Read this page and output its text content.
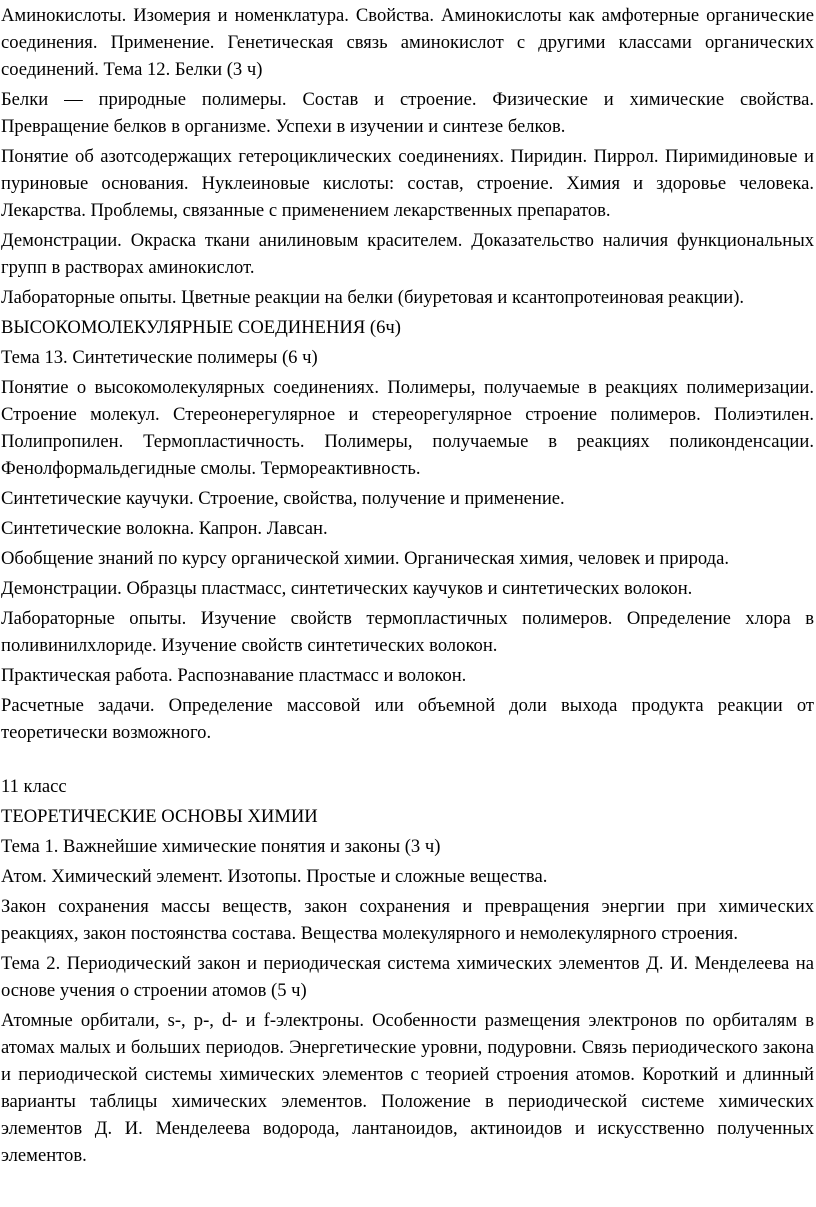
Аминокислоты. Изомерия и номенклатура. Свойства. Аминокислоты как амфотерные органические соединения. Применение. Генетическая связь аминокислот с другими классами органических соединений. Тема 12. Белки (3 ч)

Белки — природные полимеры. Состав и строение. Физические и химические свойства. Превращение белков в организме. Успехи в изучении и синтезе белков.

Понятие об азотсодержащих гетероциклических соединениях. Пиридин. Пиррол. Пиримидиновые и пуриновые основания. Нуклеиновые кислоты: состав, строение. Химия и здоровье человека. Лекарства. Проблемы, связанные с применением лекарственных препаратов.

Демонстрации. Окраска ткани анилиновым красителем. Доказательство наличия функциональных групп в растворах аминокислот.

Лабораторные опыты. Цветные реакции на белки (биуретовая и ксантопротеиновая реакции).

ВЫСОКОМОЛЕКУЛЯРНЫЕ СОЕДИНЕНИЯ (6ч)

Тема 13. Синтетические полимеры (6 ч)

Понятие о высокомолекулярных соединениях. Полимеры, получаемые в реакциях полимеризации. Строение молекул. Стереонерегулярное и стереорегулярное строение полимеров. Полиэтилен. Полипропилен. Термопластичность. Полимеры, получаемые в реакциях поликонденсации. Фенолформальдегидные смолы. Термореактивность.

Синтетические каучуки. Строение, свойства, получение и применение.

Синтетические волокна. Капрон. Лавсан.

Обобщение знаний по курсу органической химии. Органическая химия, человек и природа.

Демонстрации. Образцы пластмасс, синтетических каучуков и синтетических волокон.

Лабораторные опыты. Изучение свойств термопластичных полимеров. Определение хлора в поливинилхлориде. Изучение свойств синтетических волокон.

Практическая работа. Распознавание пластмасс и волокон.

Расчетные задачи. Определение массовой или объемной доли выхода продукта реакции от теоретически возможного.

11 класс

ТЕОРЕТИЧЕСКИЕ ОСНОВЫ ХИМИИ

Тема 1. Важнейшие химические понятия и законы (3 ч)

Атом. Химический элемент. Изотопы. Простые и сложные вещества.

Закон сохранения массы веществ, закон сохранения и превращения энергии при химических реакциях, закон постоянства состава. Вещества молекулярного и немолекулярного строения.

Тема 2. Периодический закон и периодическая система химических элементов Д. И. Менделеева на основе учения о строении атомов (5 ч)

Атомные орбитали, s-, p-, d- и f-электроны. Особенности размещения электронов по орбиталям в атомах малых и больших периодов. Энергетические уровни, подуровни. Связь периодического закона и периодической системы химических элементов с теорией строения атомов. Короткий и длинный варианты таблицы химических элементов. Положение в периодической системе химических элементов Д. И. Менделеева водорода, лантаноидов, актиноидов и искусственно полученных элементов.
